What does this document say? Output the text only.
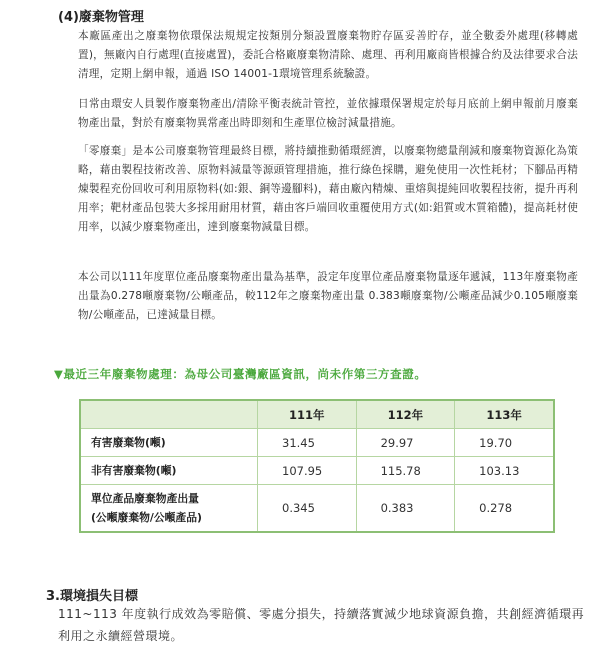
(4)廢棄物管理

本廠區產出之廢棄物依環保法規規定按類別分類設置廢棄物貯存區妥善貯存，並全數委外處理(移轉處置)，無廠內自行處理(直接處置)，委託合格廠廢棄物清除、處理、再利用廠商皆根據合約及法律要求合法清理，定期上網申報，通過 ISO 14001-1環境管理系統驗證。

日常由環安人員製作廢棄物產出/清除平衡表統計管控，並依據環保署規定於每月底前上網申報前月廢棄物產出量，對於有廢棄物異常產出時即刻和生產單位檢討減量措施。

「零廢棄」是本公司廢棄物管理最終目標，將持續推動循環經濟，以廢棄物總量削減和廢棄物資源化為策略，藉由製程技術改善、原物料減量等源頭管理措施，推行綠色採購，避免使用一次性耗材；下腳品再精煉製程充份回收可利用原物料(如:銀、銅等邊腳料)，藉由廠內精煉、重熔與提純回收製程技術，提升再利用率；靶材產品包裝大多採用耐用材質，藉由客戶端回收重覆使用方式(如:鋁質或木質箱體)，提高耗材使用率，以減少廢棄物產出，達到廢棄物減量目標。

本公司以111年度單位產品廢棄物產出量為基準，設定年度單位產品廢棄物量逐年遞減，113年廢棄物產出量為0.278噸廢棄物/公噸產品，較112年之廢棄物產出量 0.383噸廢棄物/公噸產品減少0.105噸廢棄物/公噸產品，已達減量目標。

▼最近三年廢棄物處理：為母公司臺灣廠區資訊，尚未作第三方查證。
	111年	112年	113年
有害廢棄物(噸)	31.45	29.97	19.70
非有害廢棄物(噸)	107.95	115.78	103.13

單位產品廢棄物產出量
(公噸廢棄物/公噸產品)	0.345	0.383	0.278
3.環境損失目標

111~113 年度執行成效為零賠償、零處分損失，持續落實減少地球資源負擔，共創經濟循環再利用之永續經營環境。
